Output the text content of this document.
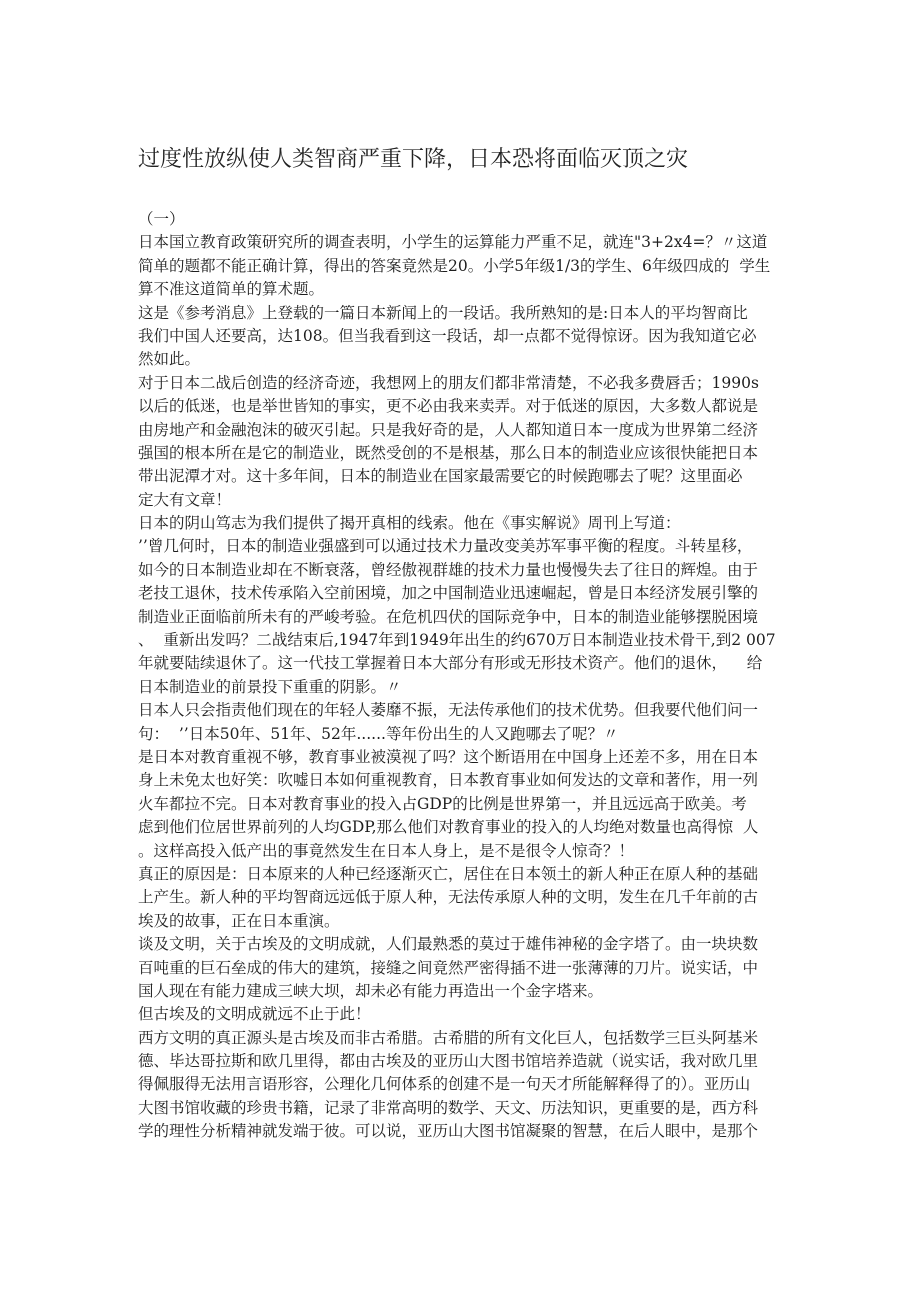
过度性放纵使人类智商严重下降，日本恐将面临灭顶之灾
（一）
日本国立教育政策研究所的调查表明，小学生的运算能力严重不足，就连"3+2x4=？〃这道
简单的题都不能正确计算，得出的答案竟然是20。小学5年级1/3的学生、6年级四成的  学生
算不准这道简单的算术题。
这是《参考消息》上登载的一篇日本新闻上的一段话。我所熟知的是:日本人的平均智商比
我们中国人还要高，达108。但当我看到这一段话，却一点都不觉得惊讶。因为我知道它必
然如此。
对于日本二战后创造的经济奇迹，我想网上的朋友们都非常清楚，不必我多费唇舌；1990s
以后的低迷，也是举世皆知的事实，更不必由我来卖弄。对于低迷的原因，大多数人都说是
由房地产和金融泡沫的破灭引起。只是我好奇的是，人人都知道日本一度成为世界第二经济
强国的根本所在是它的制造业，既然受创的不是根基，那么日本的制造业应该很快能把日本
带出泥潭才对。这十多年间，日本的制造业在国家最需要它的时候跑哪去了呢？这里面必
定大有文章！
日本的阴山笃志为我们提供了揭开真相的线索。他在《事实解说》周刊上写道：
’’曾几何时，日本的制造业强盛到可以通过技术力量改变美苏军事平衡的程度。斗转星移，
如今的日本制造业却在不断衰落，曾经傲视群雄的技术力量也慢慢失去了往日的辉煌。由于
老技工退休，技术传承陷入空前困境，加之中国制造业迅速崛起，曾是日本经济发展引擎的
制造业正面临前所未有的严峻考验。在危机四伏的国际竞争中，日本的制造业能够摆脱困境
、  重新出发吗？二战结束后,1947年到1949年出生的约670万日本制造业技术骨干,到2 007
年就要陆续退休了。这一代技工掌握着日本大部分有形或无形技术资产。他们的退休，    给
日本制造业的前景投下重重的阴影。〃
日本人只会指责他们现在的年轻人萎靡不振，无法传承他们的技术优势。但我要代他们问一
句：  ’’日本50年、51年、52年......等年份出生的人又跑哪去了呢？〃
是日本对教育重视不够，教育事业被漠视了吗？这个断语用在中国身上还差不多，用在日本
身上未免太也好笑：吹嘘日本如何重视教育，日本教育事业如何发达的文章和著作，用一列
火车都拉不完。日本对教育事业的投入占GDP的比例是世界第一，并且远远高于欧美。考
虑到他们位居世界前列的人均GDP,那么他们对教育事业的投入的人均绝对数量也高得惊  人
。这样高投入低产出的事竟然发生在日本人身上，是不是很令人惊奇？！
真正的原因是：日本原来的人种已经逐渐灭亡，居住在日本领土的新人种正在原人种的基础
上产生。新人种的平均智商远远低于原人种，无法传承原人种的文明，发生在几千年前的古
埃及的故事，正在日本重演。
谈及文明，关于古埃及的文明成就，人们最熟悉的莫过于雄伟神秘的金字塔了。由一块块数
百吨重的巨石垒成的伟大的建筑，接缝之间竟然严密得插不进一张薄薄的刀片。说实话，中
国人现在有能力建成三峡大坝，却未必有能力再造出一个金字塔来。
但古埃及的文明成就远不止于此！
西方文明的真正源头是古埃及而非古希腊。古希腊的所有文化巨人，包括数学三巨头阿基米
德、毕达哥拉斯和欧几里得，都由古埃及的亚历山大图书馆培养造就（说实话，我对欧几里
得佩服得无法用言语形容，公理化几何体系的创建不是一句天才所能解释得了的）。亚历山
大图书馆收藏的珍贵书籍，记录了非常高明的数学、天文、历法知识，更重要的是，西方科
学的理性分析精神就发端于彼。可以说，亚历山大图书馆凝聚的智慧，在后人眼中，是那个
